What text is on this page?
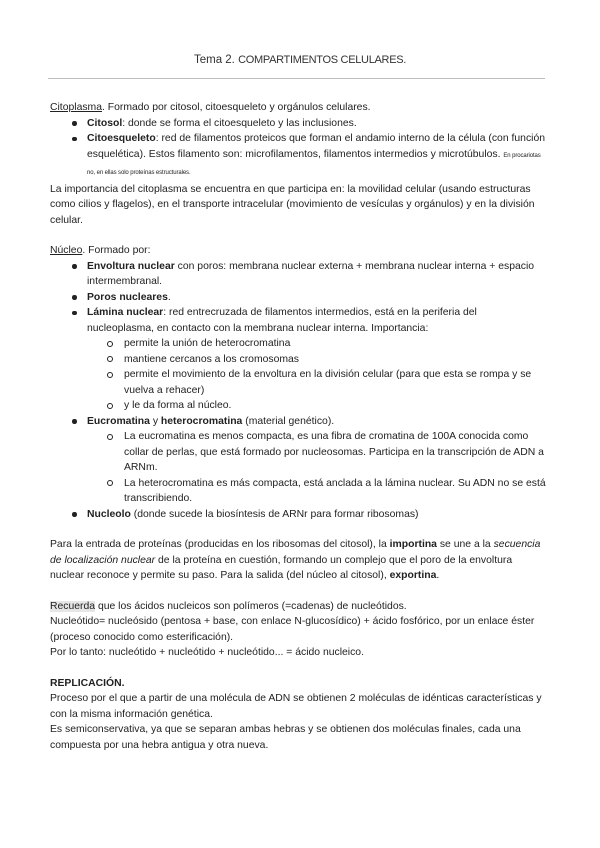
Tema 2. COMPARTIMENTOS CELULARES.

Citoplasma. Formado por citosol, citoesqueleto y orgánulos celulares.

Citosol: donde se forma el citoesqueleto y las inclusiones.
Citoesqueleto: red de filamentos proteicos que forman el andamio interno de la célula (con función esquelética). Estos filamento son: microfilamentos, filamentos intermedios y microtúbulos. En procariotas no, en ellas solo proteínas estructurales.

La importancia del citoplasma se encuentra en que participa en: la movilidad celular (usando estructuras como cilios y flagelos), en el transporte intracelular (movimiento de vesículas y orgánulos) y en la división celular.

Núcleo. Formado por:

Envoltura nuclear con poros: membrana nuclear externa + membrana nuclear interna + espacio intermembranal.
Poros nucleares.
Lámina nuclear: red entrecruzada de filamentos intermedios, está en la periferia del nucleoplasma, en contacto con la membrana nuclear interna. Importancia:
permite la unión de heterocromatina
mantiene cercanos a los cromosomas
permite el movimiento de la envoltura en la división celular (para que esta se rompa y se vuelva a rehacer)
y le da forma al núcleo.
Eucromatina y heterocromatina (material genético).
La eucromatina es menos compacta, es una fibra de cromatina de 100A conocida como collar de perlas, que está formado por nucleosomas. Participa en la transcripción de ADN a ARNm.
La heterocromatina es más compacta, está anclada a la lámina nuclear. Su ADN no se está transcribiendo.
Nucleolo (donde sucede la biosíntesis de ARNr para formar ribosomas)

Para la entrada de proteínas (producidas en los ribosomas del citosol), la importina se une a la secuencia de localización nuclear de la proteína en cuestión, formando un complejo que el poro de la envoltura nuclear reconoce y permite su paso. Para la salida (del núcleo al citosol), exportina.

Recuerda que los ácidos nucleicos son polímeros (=cadenas) de nucleótidos.

Nucleótido= nucleósido (pentosa + base, con enlace N-glucosídico) + ácido fosfórico, por un enlace éster (proceso conocido como esterificación).

Por lo tanto: nucleótido + nucleótido + nucleótido... = ácido nucleico.

REPLICACIÓN.

Proceso por el que a partir de una molécula de ADN se obtienen 2 moléculas de idénticas características y con la misma información genética.

Es semiconservativa, ya que se separan ambas hebras y se obtienen dos moléculas finales, cada una compuesta por una hebra antigua y otra nueva.
